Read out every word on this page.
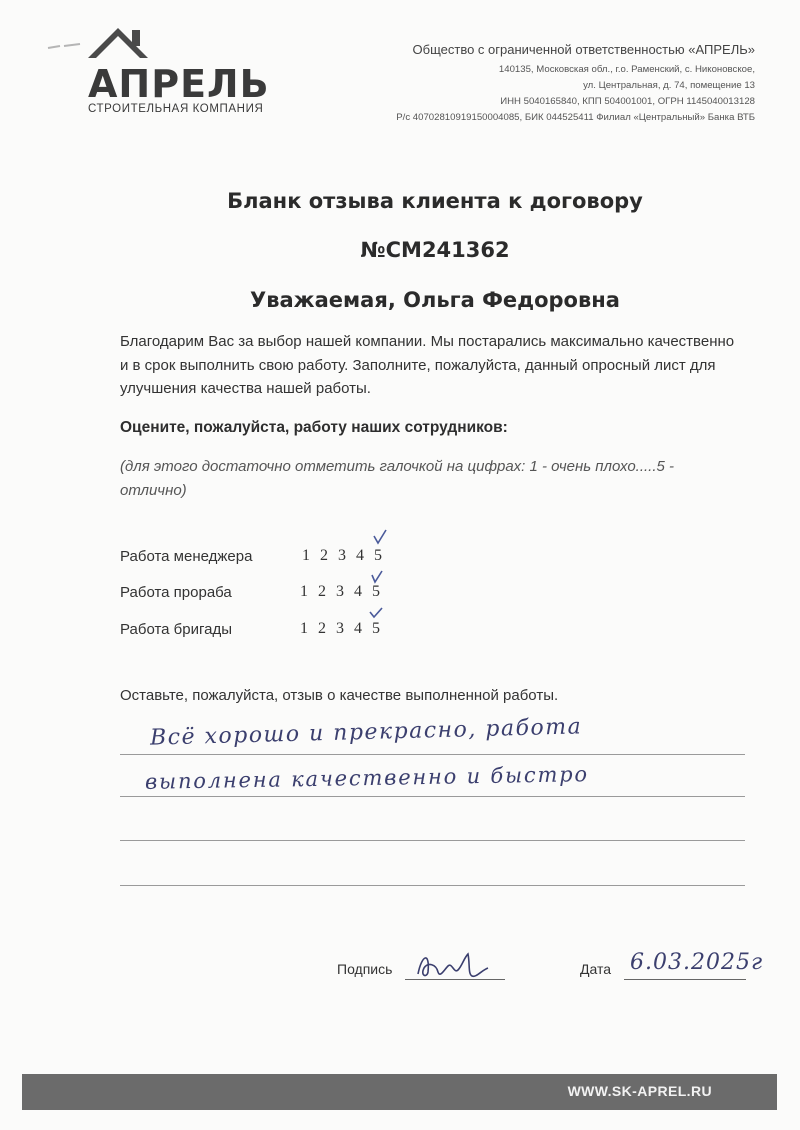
АПРЕЛЬ
СТРОИТЕЛЬНАЯ КОМПАНИЯ
Общество с ограниченной ответственностью «АПРЕЛЬ»
140135, Московская обл., г.о. Раменский, с. Никоновское,
ул. Центральная, д. 74, помещение 13
ИНН 5040165840, КПП 504001001, ОГРН 1145040013128
Р/с 40702810919150004085, БИК 044525411 Филиал «Центральный» Банка ВТБ
Бланк отзыва клиента к договору
№СМ241362
Уважаемая, Ольга Федоровна
Благодарим Вас за выбор нашей компании. Мы постарались максимально качественно и в срок выполнить свою работу. Заполните, пожалуйста, данный опросный лист для улучшения качества нашей работы.
Оцените, пожалуйста, работу наших сотрудников:
(для этого достаточно отметить галочкой на цифрах: 1 - очень плохо.....5 - отлично)
Работа менеджера	1 2 3 4 5
Работа прораба	1 2 3 4 5
Работа бригады	1 2 3 4 5
Оставьте, пожалуйста, отзыв о качестве выполненной работы.
Всё хорошо и прекрасно, работа
выполнена качественно и быстро
Подпись	Дата 6.03.2025г
WWW.SK-APREL.RU
